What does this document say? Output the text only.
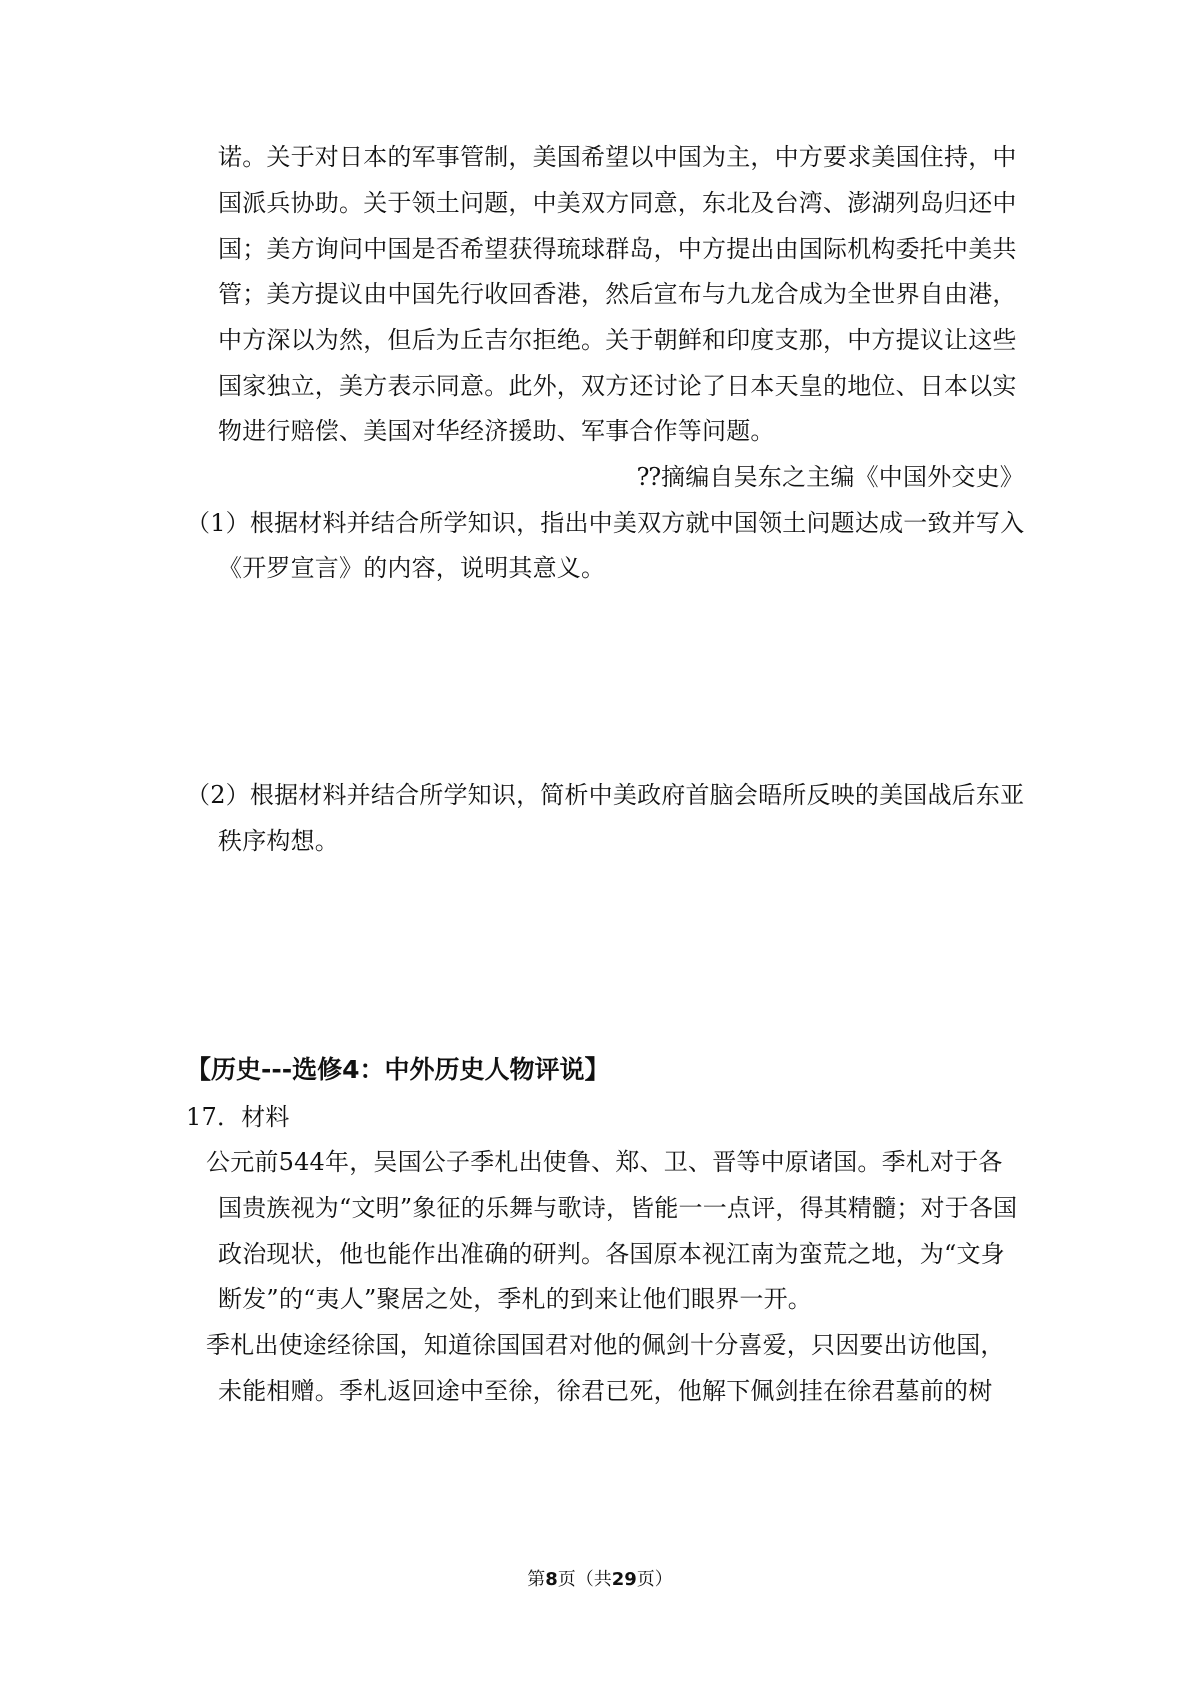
诺。关于对日本的军事管制，美国希望以中国为主，中方要求美国住持，中
国派兵协助。关于领土问题，中美双方同意，东北及台湾、澎湖列岛归还中
国；美方询问中国是否希望获得琉球群岛，中方提出由国际机构委托中美共
管；美方提议由中国先行收回香港，然后宣布与九龙合成为全世界自由港，
中方深以为然，但后为丘吉尔拒绝。关于朝鲜和印度支那，中方提议让这些
国家独立，美方表示同意。此外，双方还讨论了日本天皇的地位、日本以实
物进行赔偿、美国对华经济援助、军事合作等问题。
⁇摘编自吴东之主编《中国外交史》
（1）根据材料并结合所学知识，指出中美双方就中国领土问题达成一致并写入
《开罗宣言》的内容，说明其意义。
（2）根据材料并结合所学知识，简析中美政府首脑会晤所反映的美国战后东亚
秩序构想。
【历史---选修4：中外历史人物评说】
17．材料
公元前544年，吴国公子季札出使鲁、郑、卫、晋等中原诸国。季札对于各
国贵族视为“文明”象征的乐舞与歌诗，皆能一一点评，得其精髓；对于各国
政治现状，他也能作出准确的研判。各国原本视江南为蛮荒之地，为“文身
断发”的“夷人”聚居之处，季札的到来让他们眼界一开。
季札出使途经徐国，知道徐国国君对他的佩剑十分喜爱，只因要出访他国，
未能相赠。季札返回途中至徐，徐君已死，他解下佩剑挂在徐君墓前的树
第8页（共29页）
